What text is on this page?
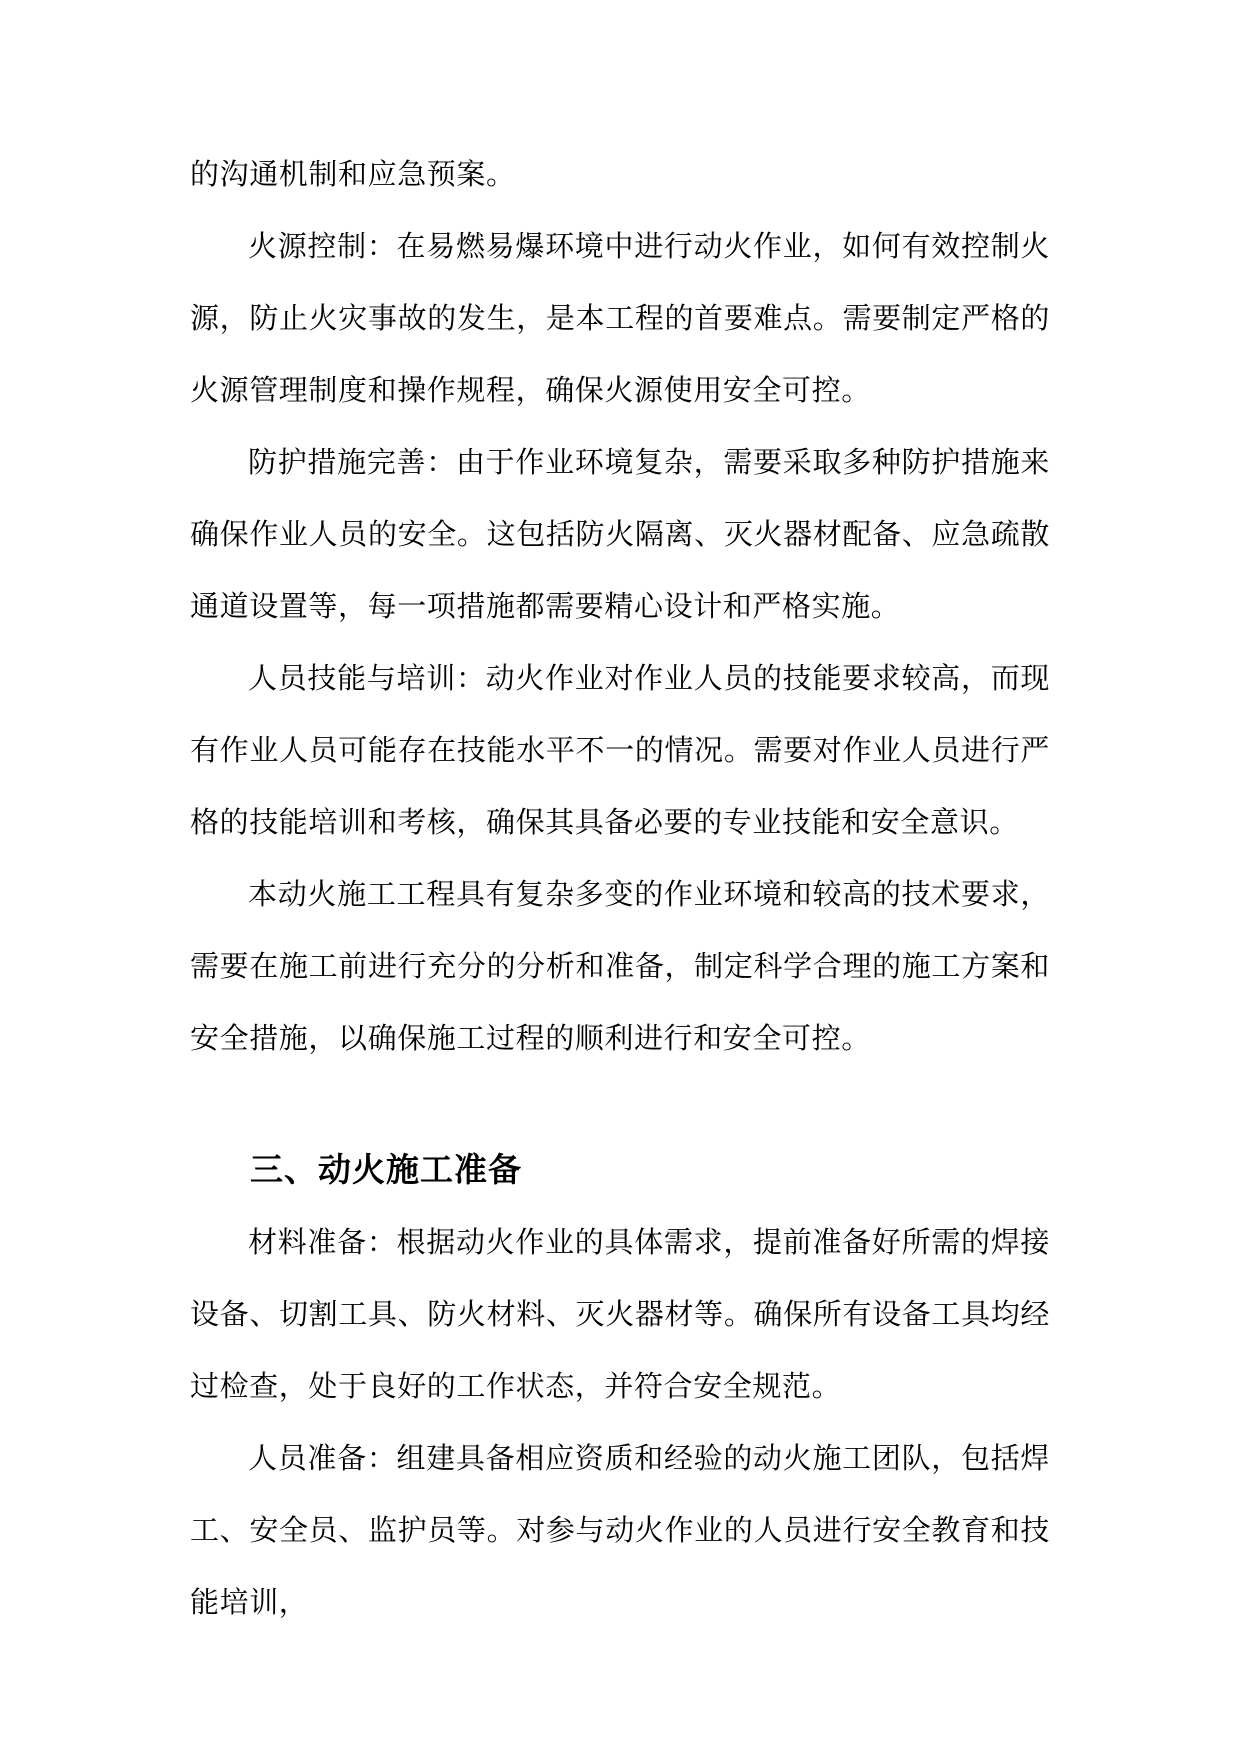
的沟通机制和应急预案。

火源控制：在易燃易爆环境中进行动火作业，如何有效控制火源，防止火灾事故的发生，是本工程的首要难点。需要制定严格的火源管理制度和操作规程，确保火源使用安全可控。

防护措施完善：由于作业环境复杂，需要采取多种防护措施来确保作业人员的安全。这包括防火隔离、灭火器材配备、应急疏散通道设置等，每一项措施都需要精心设计和严格实施。

人员技能与培训：动火作业对作业人员的技能要求较高，而现有作业人员可能存在技能水平不一的情况。需要对作业人员进行严格的技能培训和考核，确保其具备必要的专业技能和安全意识。

本动火施工工程具有复杂多变的作业环境和较高的技术要求，需要在施工前进行充分的分析和准备，制定科学合理的施工方案和安全措施，以确保施工过程的顺利进行和安全可控。

三、动火施工准备

材料准备：根据动火作业的具体需求，提前准备好所需的焊接设备、切割工具、防火材料、灭火器材等。确保所有设备工具均经过检查，处于良好的工作状态，并符合安全规范。

人员准备：组建具备相应资质和经验的动火施工团队，包括焊工、安全员、监护员等。对参与动火作业的人员进行安全教育和技能培训，
